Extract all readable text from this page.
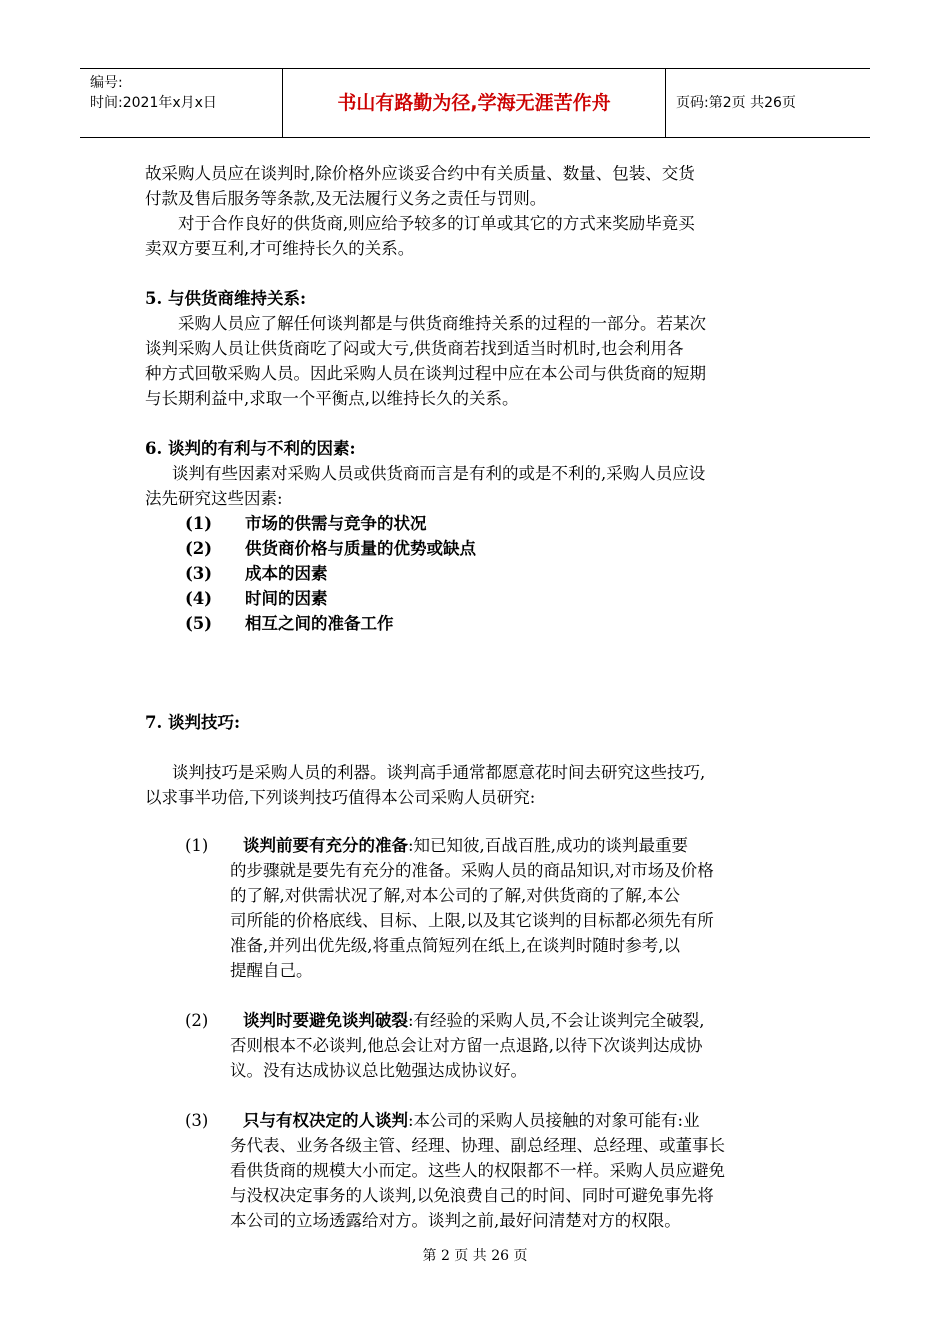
编号:
时间:2021年x月x日	书山有路勤为径,学海无涯苦作舟	页码:第2页 共26页
故采购人员应在谈判时,除价格外应谈妥合约中有关质量、数量、包装、交货
付款及售后服务等条款,及无法履行义务之责任与罚则。
对于合作良好的供货商,则应给予较多的订单或其它的方式来奖励毕竟买
卖双方要互利,才可维持长久的关系。
5. 与供货商维持关系:
采购人员应了解任何谈判都是与供货商维持关系的过程的一部分。若某次
谈判采购人员让供货商吃了闷或大亏,供货商若找到适当时机时,也会利用各
种方式回敬采购人员。因此采购人员在谈判过程中应在本公司与供货商的短期
与长期利益中,求取一个平衡点,以维持长久的关系。
6. 谈判的有利与不利的因素:
谈判有些因素对采购人员或供货商而言是有利的或是不利的,采购人员应设
法先研究这些因素:
(1) 市场的供需与竞争的状况
(2) 供货商价格与质量的优势或缺点
(3) 成本的因素
(4) 时间的因素
(5) 相互之间的准备工作
7. 谈判技巧:
谈判技巧是采购人员的利器。谈判高手通常都愿意花时间去研究这些技巧,
以求事半功倍,下列谈判技巧值得本公司采购人员研究:
(1) 谈判前要有充分的准备:知已知彼,百战百胜,成功的谈判最重要
的步骤就是要先有充分的准备。采购人员的商品知识,对市场及价格
的了解,对供需状况了解,对本公司的了解,对供货商的了解,本公
司所能的价格底线、目标、上限,以及其它谈判的目标都必须先有所
准备,并列出优先级,将重点简短列在纸上,在谈判时随时参考,以
提醒自己。
(2) 谈判时要避免谈判破裂:有经验的采购人员,不会让谈判完全破裂,
否则根本不必谈判,他总会让对方留一点退路,以待下次谈判达成协
议。没有达成协议总比勉强达成协议好。
(3) 只与有权决定的人谈判:本公司的采购人员接触的对象可能有:业
务代表、业务各级主管、经理、协理、副总经理、总经理、或董事长
看供货商的规模大小而定。这些人的权限都不一样。采购人员应避免
与没权决定事务的人谈判,以免浪费自己的时间、同时可避免事先将
本公司的立场透露给对方。谈判之前,最好问清楚对方的权限。
第 2 页 共 26 页
